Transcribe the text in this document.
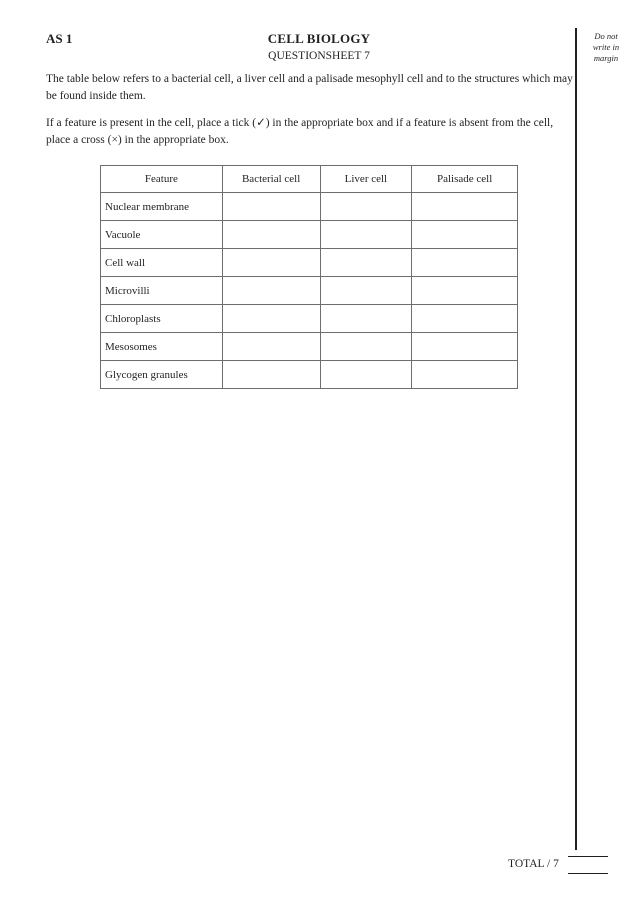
AS 1	CELL BIOLOGY
QUESTIONSHEET 7
Do not
write in
margin
The table below refers to a bacterial cell, a liver cell and a palisade mesophyll cell and to the structures which may be found inside them.
If a feature is present in the cell, place a tick (✓) in the appropriate box and if a feature is absent from the cell, place a cross (×) in the appropriate box.
Feature	Bacterial cell	Liver cell	Palisade cell
Nuclear membrane			
Vacuole			
Cell wall			
Microvilli			
Chloroplasts			
Mesosomes			
Glycogen granules			
TOTAL / 7
